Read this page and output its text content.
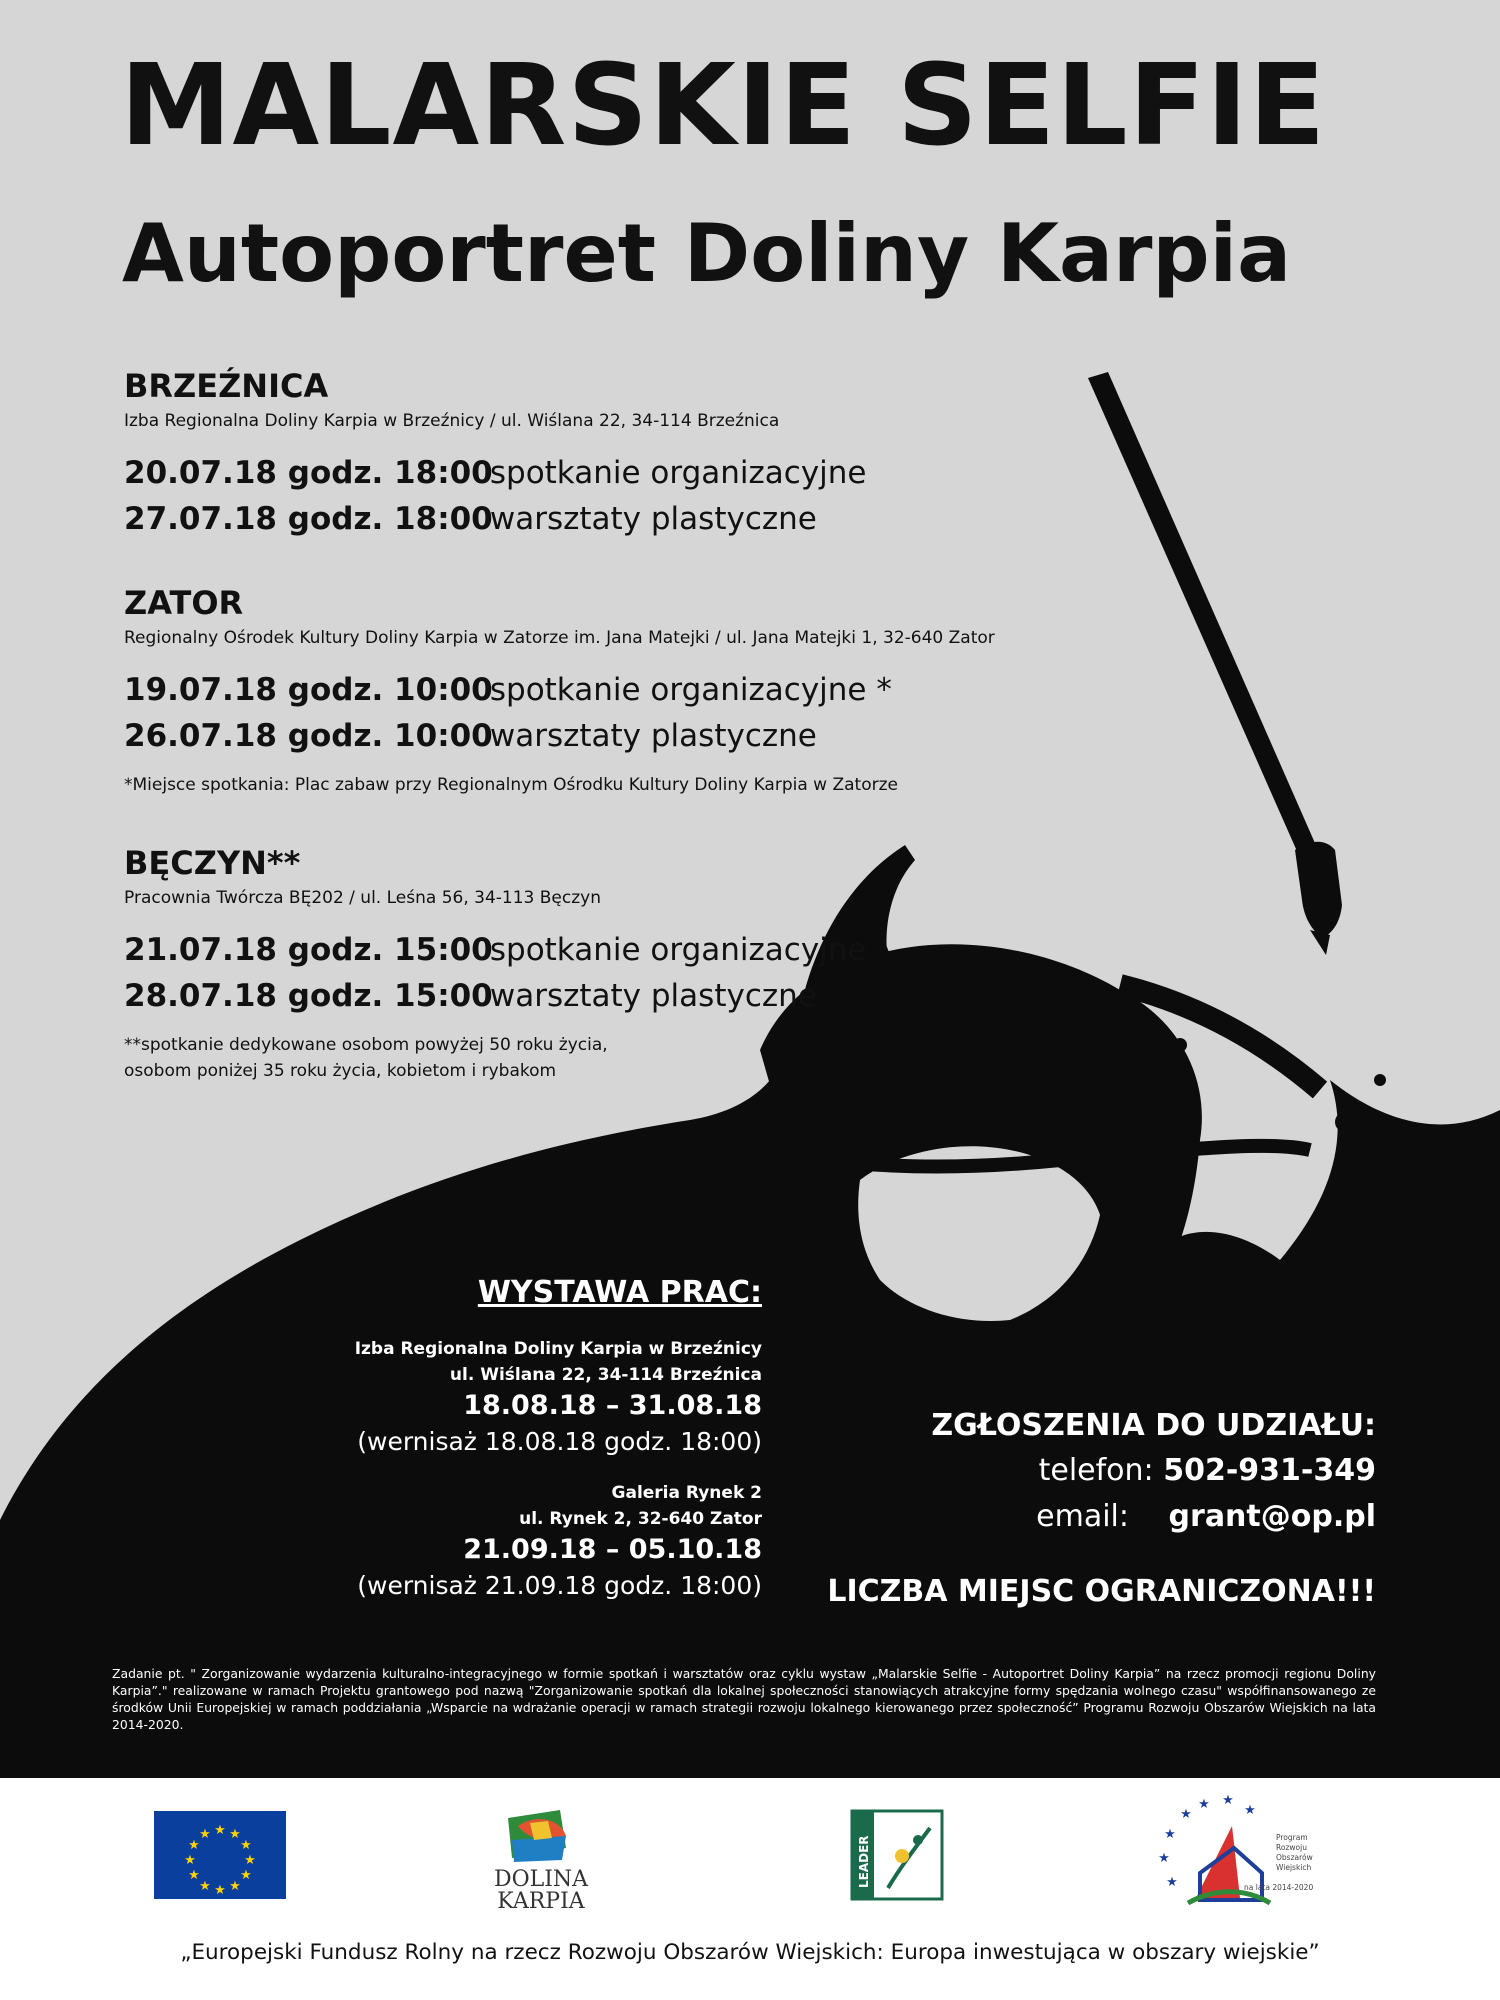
MALARSKIE SELFIE
Autoportret Doliny Karpia
BRZEŹNICA
Izba Regionalna Doliny Karpia w Brzeźnicy / ul. Wiślana 22, 34-114 Brzeźnica
20.07.18 godz. 18:00 spotkanie organizacyjne
27.07.18 godz. 18:00 warsztaty plastyczne
ZATOR
Regionalny Ośrodek Kultury Doliny Karpia w Zatorze im. Jana Matejki / ul. Jana Matejki 1, 32-640 Zator
19.07.18 godz. 10:00 spotkanie organizacyjne *
26.07.18 godz. 10:00 warsztaty plastyczne
*Miejsce spotkania: Plac zabaw przy Regionalnym Ośrodku Kultury Doliny Karpia w Zatorze
BĘCZYN**
Pracownia Twórcza BĘ202 / ul. Leśna 56, 34-113 Bęczyn
21.07.18 godz. 15:00 spotkanie organizacyjne
28.07.18 godz. 15:00 warsztaty plastyczne
**spotkanie dedykowane osobom powyżej 50 roku życia,
osobom poniżej 35 roku życia, kobietom i rybakom
WYSTAWA PRAC:
Izba Regionalna Doliny Karpia w Brzeźnicy
ul. Wiślana 22, 34-114 Brzeźnica
18.08.18 – 31.08.18
(wernisaż 18.08.18 godz. 18:00)
Galeria Rynek 2
ul. Rynek 2, 32-640 Zator
21.09.18 – 05.10.18
(wernisaż 21.09.18 godz. 18:00)
ZGŁOSZENIA DO UDZIAŁU:
telefon: 502-931-349
email: grant@op.pl
LICZBA MIEJSC OGRANICZONA!!!
Zadanie pt. " Zorganizowanie wydarzenia kulturalno-integracyjnego w formie spotkań i warsztatów oraz cyklu wystaw „Malarskie Selfie - Autoportret Doliny Karpia” na rzecz promocji regionu Doliny Karpia”." realizowane w ramach Projektu grantowego pod nazwą "Zorganizowanie spotkań dla lokalnej społeczności stanowiących atrakcyjne formy spędzania wolnego czasu" współfinansowanego ze środków Unii Europejskiej w ramach poddziałania „Wsparcie na wdrażanie operacji w ramach strategii rozwoju lokalnego kierowanego przez społeczność” Programu Rozwoju Obszarów Wiejskich na lata 2014-2020.
★ ★
★
★
★
★
★
★
★
★
★
★
DOLINA
KARPIA
LEADER
★
★ ★
★
★
★
★
Program
Rozwoju
Obszarów
Wiejskich
na lata 2014-2020
„Europejski Fundusz Rolny na rzecz Rozwoju Obszarów Wiejskich: Europa inwestująca w obszary wiejskie”
